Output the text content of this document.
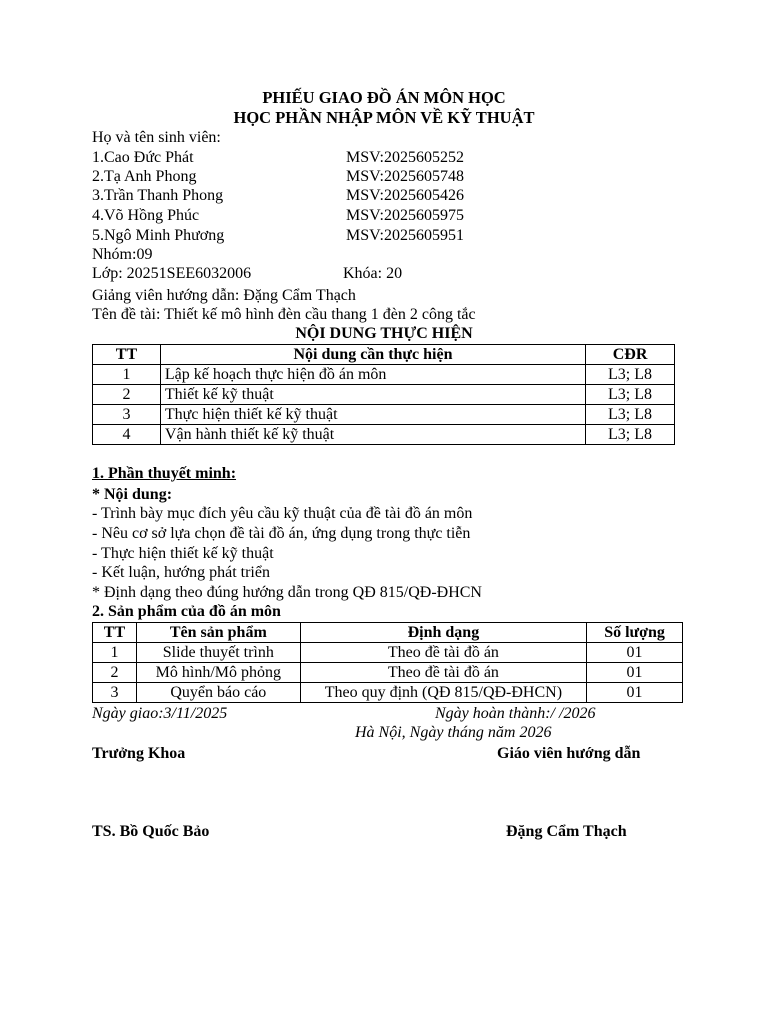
PHIẾU GIAO ĐỒ ÁN MÔN HỌC
HỌC PHẦN NHẬP MÔN VỀ KỸ THUẬT
Họ và tên sinh viên:
1.Cao Đức Phát	MSV:2025605252
2.Tạ Anh Phong	MSV:2025605748
3.Trần Thanh Phong	MSV:2025605426
4.Võ Hồng Phúc	MSV:2025605975
5.Ngô Minh Phương	MSV:2025605951
Nhóm:09
Lớp: 20251SEE6032006	Khóa: 20
Giảng viên hướng dẫn: Đặng Cẩm Thạch
Tên đề tài: Thiết kế mô hình đèn cầu thang 1 đèn 2 công tắc
NỘI DUNG THỰC HIỆN
TT	Nội dung cần thực hiện	CĐR
1	Lập kế hoạch thực hiện đồ án môn	L3; L8
2	Thiết kế kỹ thuật	L3; L8
3	Thực hiện thiết kế kỹ thuật	L3; L8
4	Vận hành thiết kế kỹ thuật	L3; L8
1. Phần thuyết minh:
* Nội dung:
- Trình bày mục đích yêu cầu kỹ thuật của đề tài đồ án môn
- Nêu cơ sở lựa chọn đề tài đồ án, ứng dụng trong thực tiễn
- Thực hiện thiết kế kỹ thuật
- Kết luận, hướng phát triển
* Định dạng theo đúng hướng dẫn trong QĐ 815/QĐ-ĐHCN
2. Sản phẩm của đồ án môn
TT	Tên sản phẩm	Định dạng	Số lượng
1	Slide thuyết trình	Theo đề tài đồ án	01
2	Mô hình/Mô phỏng	Theo đề tài đồ án	01
3	Quyển báo cáo	Theo quy định (QĐ 815/QĐ-ĐHCN)	01
Ngày giao:3/11/2025	Ngày hoàn thành:/ /2026
Hà Nội, Ngày tháng năm 2026
Trưởng Khoa	Giáo viên hướng dẫn
TS. Bồ Quốc Bảo	Đặng Cẩm Thạch
